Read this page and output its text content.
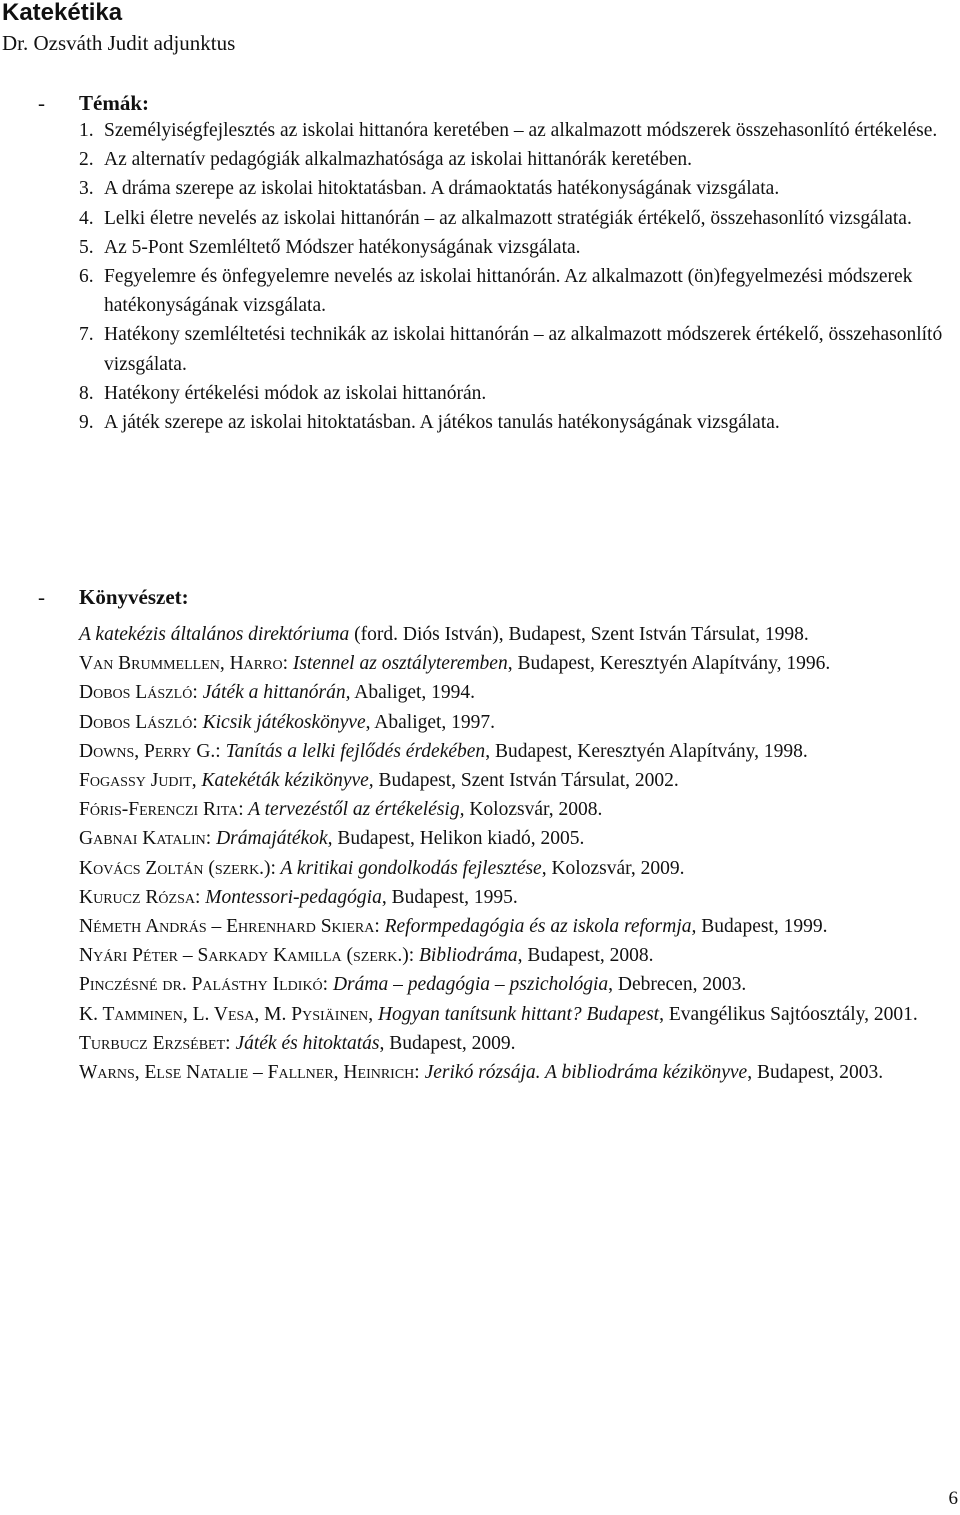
Katekétika
Dr. Ozsváth Judit adjunktus
- Témák:
1. Személyiségfejlesztés az iskolai hittanóra keretében – az alkalmazott módszerek összehasonlító értékelése.
2. Az alternatív pedagógiák alkalmazhatósága az iskolai hittanórák keretében.
3. A dráma szerepe az iskolai hitoktatásban. A drámaoktatás hatékonyságának vizsgálata.
4. Lelki életre nevelés az iskolai hittanórán – az alkalmazott stratégiák értékelő, összehasonlító vizsgálata.
5. Az 5-Pont Szemléltető Módszer hatékonyságának vizsgálata.
6. Fegyelemre és önfegyelemre nevelés az iskolai hittanórán. Az alkalmazott (ön)fegyelmezési módszerek hatékonyságának vizsgálata.
7. Hatékony szemléltetési technikák az iskolai hittanórán – az alkalmazott módszerek értékelő, összehasonlító vizsgálata.
8. Hatékony értékelési módok az iskolai hittanórán.
9. A játék szerepe az iskolai hitoktatásban. A játékos tanulás hatékonyságának vizsgálata.
- Könyvészet:

A katekézis általános direktóriuma (ford. Diós István), Budapest, Szent István Társulat, 1998.

Van Brummellen, Harro: Istennel az osztályteremben, Budapest, Keresztyén Alapítvány, 1996.

Dobos László: Játék a hittanórán, Abaliget, 1994.

Dobos László: Kicsik játékoskönyve, Abaliget, 1997.

Downs, Perry G.: Tanítás a lelki fejlődés érdekében, Budapest, Keresztyén Alapítvány, 1998.

Fogassy Judit, Katekéták kézikönyve, Budapest, Szent István Társulat, 2002.

Fóris-Ferenczi Rita: A tervezéstől az értékelésig, Kolozsvár, 2008.

Gabnai Katalin: Drámajátékok, Budapest, Helikon kiadó, 2005.

Kovács Zoltán (szerk.): A kritikai gondolkodás fejlesztése, Kolozsvár, 2009.

Kurucz Rózsa: Montessori-pedagógia, Budapest, 1995.

Németh András – Ehrenhard Skiera: Reformpedagógia és az iskola reformja, Budapest, 1999.

Nyári Péter – Sarkady Kamilla (szerk.): Bibliodráma, Budapest, 2008.

Pinczésné dr. Palásthy Ildikó: Dráma – pedagógia – pszichológia, Debrecen, 2003.

K. Tamminen, L. Vesa, M. Pysiäinen, Hogyan tanítsunk hittant? Budapest, Evangélikus Sajtóosztály, 2001.

Turbucz Erzsébet: Játék és hitoktatás, Budapest, 2009.

Warns, Else Natalie – Fallner, Heinrich: Jerikó rózsája. A bibliodráma kézikönyve, Budapest, 2003.

6
